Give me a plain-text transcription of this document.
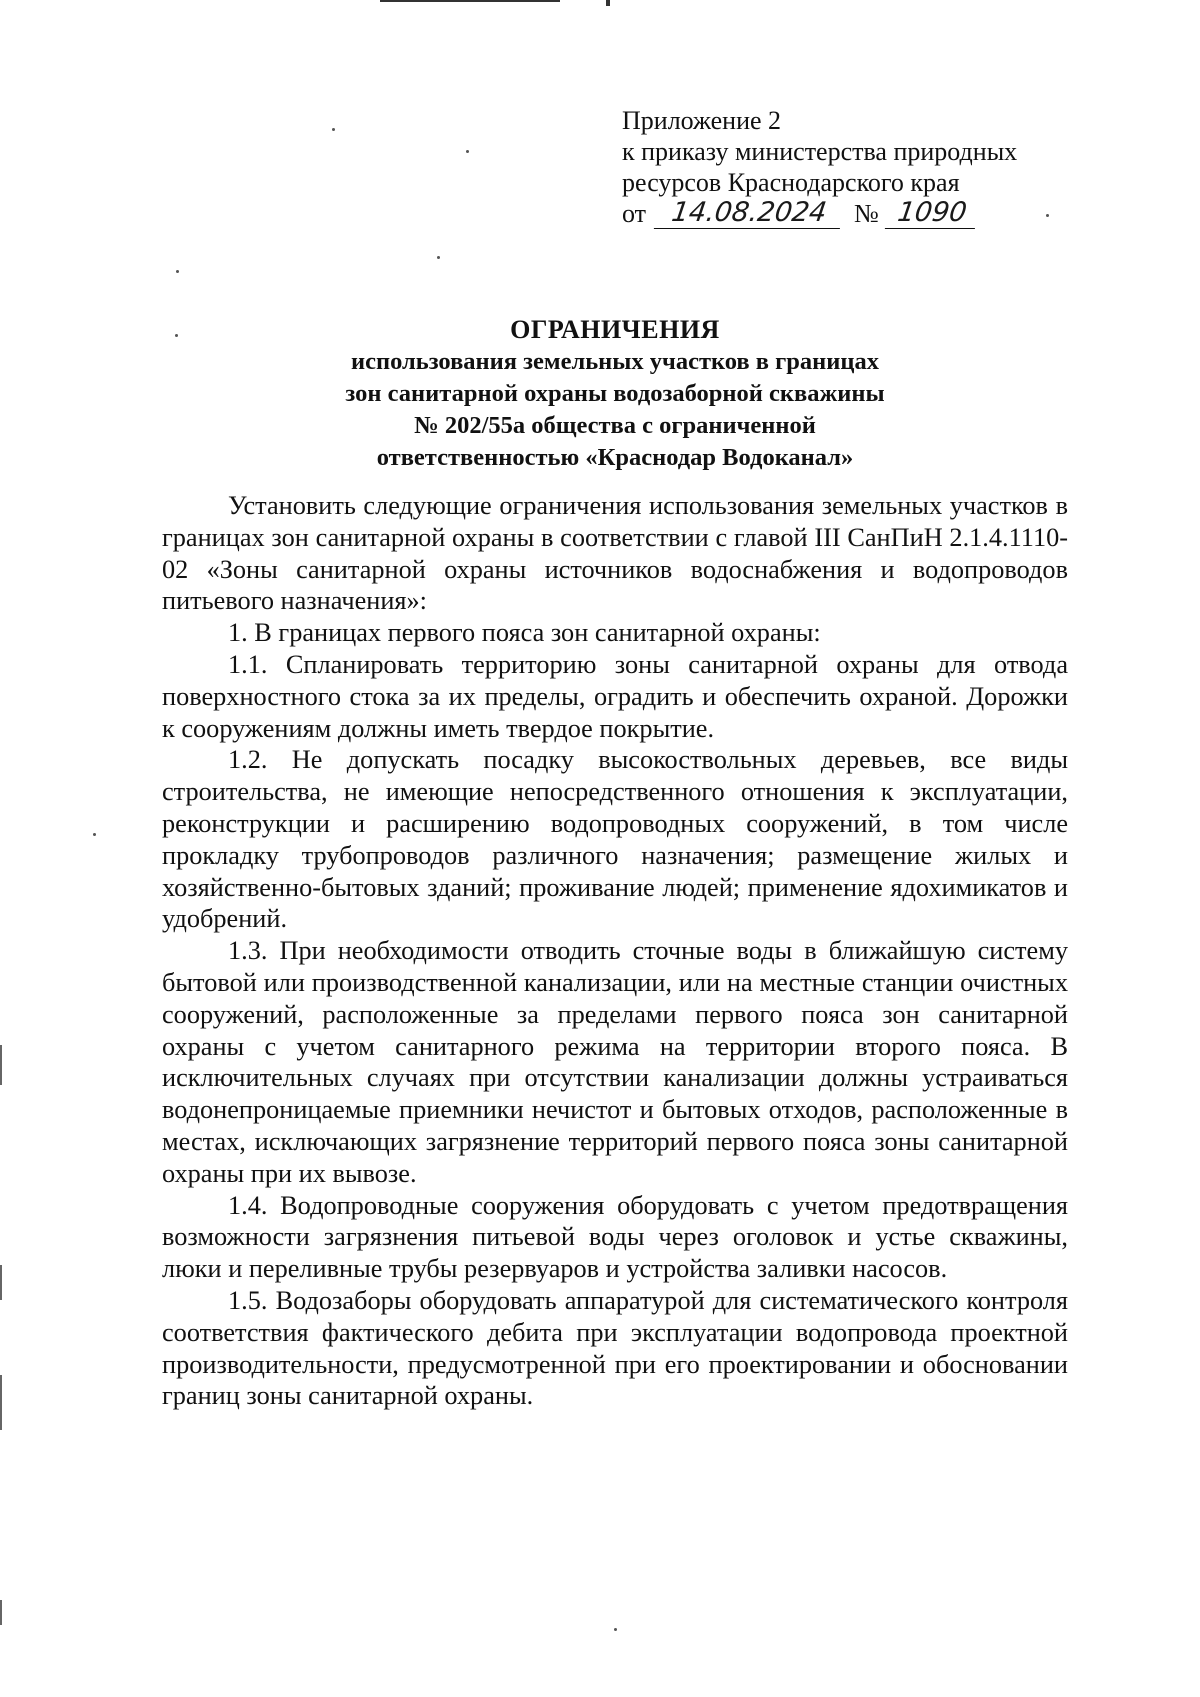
Приложение 2
к приказу министерства природных
ресурсов Краснодарского края
от 14.08.2024 № 1090
ОГРАНИЧЕНИЯ
использования земельных участков в границах
зон санитарной охраны водозаборной скважины
№ 202/55а общества с ограниченной
ответственностью «Краснодар Водоканал»

Установить следующие ограничения использования земельных участков в границах зон санитарной охраны в соответствии с главой III СанПиН 2.1.4.1110-02 «Зоны санитарной охраны источников водоснабжения и водопроводов питьевого назначения»:

1. В границах первого пояса зон санитарной охраны:

1.1. Спланировать территорию зоны санитарной охраны для отвода поверхностного стока за их пределы, оградить и обеспечить охраной. Дорожки к сооружениям должны иметь твердое покрытие.

1.2. Не допускать посадку высокоствольных деревьев, все виды строительства, не имеющие непосредственного отношения к эксплуатации, реконструкции и расширению водопроводных сооружений, в том числе прокладку трубопроводов различного назначения; размещение жилых и хозяйственно-бытовых зданий; проживание людей; применение ядохимикатов и удобрений.

1.3. При необходимости отводить сточные воды в ближайшую систему бытовой или производственной канализации, или на местные станции очистных сооружений, расположенные за пределами первого пояса зон санитарной охраны с учетом санитарного режима на территории второго пояса. В исключительных случаях при отсутствии канализации должны устраиваться водонепроницаемые приемники нечистот и бытовых отходов, расположенные в местах, исключающих загрязнение территорий первого пояса зоны санитарной охраны при их вывозе.

1.4. Водопроводные сооружения оборудовать с учетом предотвращения возможности загрязнения питьевой воды через оголовок и устье скважины, люки и переливные трубы резервуаров и устройства заливки насосов.

1.5. Водозаборы оборудовать аппаратурой для систематического контроля соответствия фактического дебита при эксплуатации водопровода проектной производительности, предусмотренной при его проектировании и обосновании границ зоны санитарной охраны.
